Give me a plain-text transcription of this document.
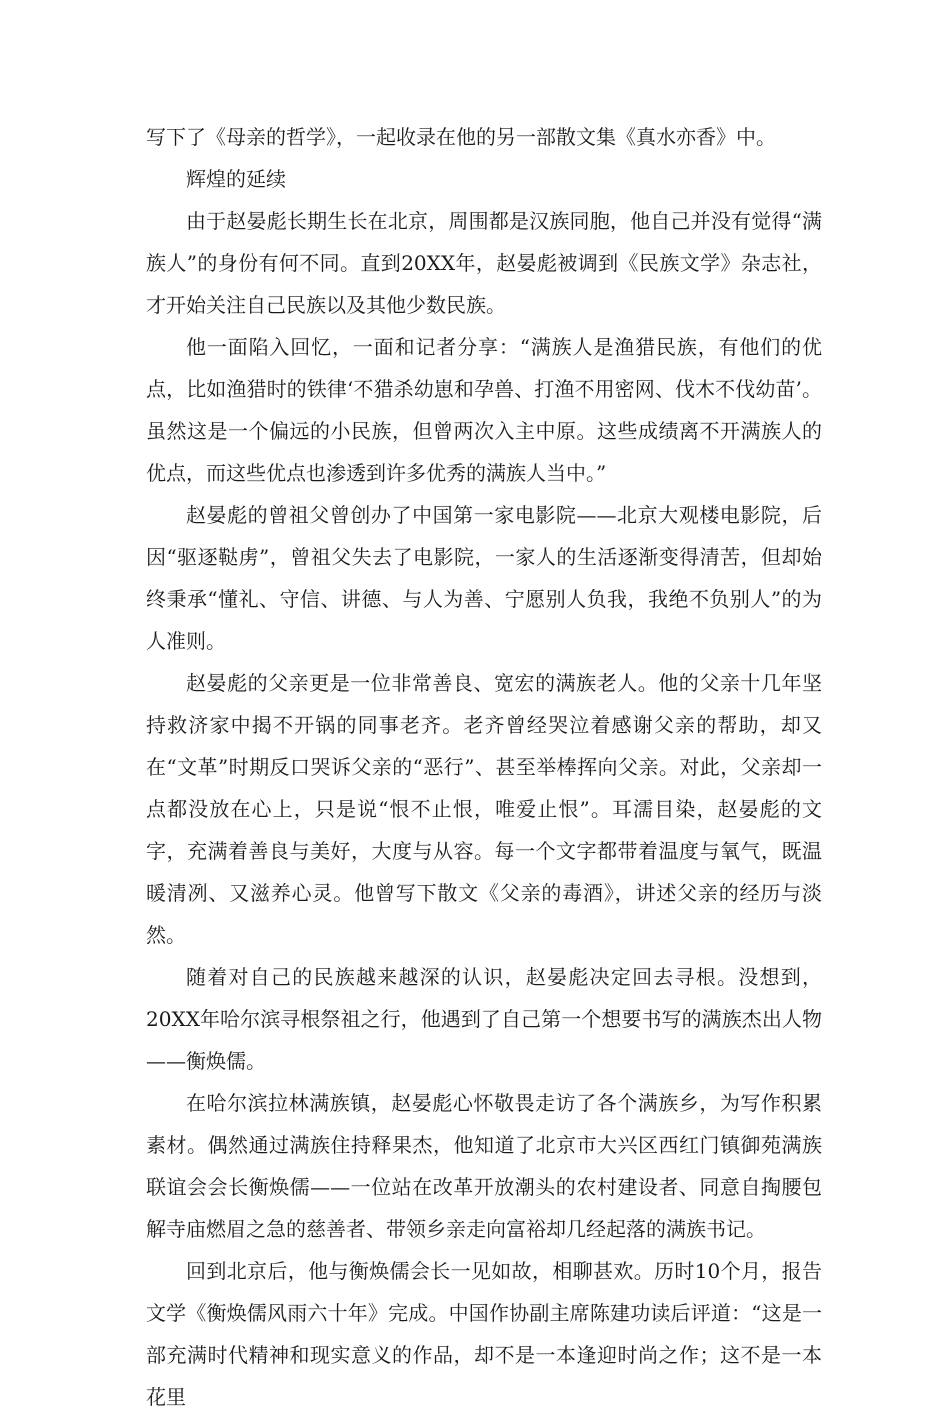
写下了《母亲的哲学》，一起收录在他的另一部散文集《真水亦香》中。

辉煌的延续

由于赵晏彪长期生长在北京，周围都是汉族同胞，他自己并没有觉得“满族人”的身份有何不同。直到20XX年，赵晏彪被调到《民族文学》杂志社，才开始关注自己民族以及其他少数民族。

他一面陷入回忆，一面和记者分享：“满族人是渔猎民族，有他们的优点，比如渔猎时的铁律‘不猎杀幼崽和孕兽、打渔不用密网、伐木不伐幼苗’。虽然这是一个偏远的小民族，但曾两次入主中原。这些成绩离不开满族人的优点，而这些优点也渗透到许多优秀的满族人当中。”

赵晏彪的曾祖父曾创办了中国第一家电影院——北京大观楼电影院，后因“驱逐鞑虏”，曾祖父失去了电影院，一家人的生活逐渐变得清苦，但却始终秉承“懂礼、守信、讲德、与人为善、宁愿别人负我，我绝不负别人”的为人准则。

赵晏彪的父亲更是一位非常善良、宽宏的满族老人。他的父亲十几年坚持救济家中揭不开锅的同事老齐。老齐曾经哭泣着感谢父亲的帮助，却又在“文革”时期反口哭诉父亲的“恶行”、甚至举棒挥向父亲。对此，父亲却一点都没放在心上，只是说“恨不止恨，唯爱止恨”。耳濡目染，赵晏彪的文字，充满着善良与美好，大度与从容。每一个文字都带着温度与氧气，既温暖清冽、又滋养心灵。他曾写下散文《父亲的毒酒》，讲述父亲的经历与淡然。

随着对自己的民族越来越深的认识，赵晏彪决定回去寻根。没想到，20XX年哈尔滨寻根祭祖之行，他遇到了自己第一个想要书写的满族杰出人物——衡焕儒。

在哈尔滨拉林满族镇，赵晏彪心怀敬畏走访了各个满族乡，为写作积累素材。偶然通过满族住持释果杰，他知道了北京市大兴区西红门镇御苑满族联谊会会长衡焕儒——一位站在改革开放潮头的农村建设者、同意自掏腰包解寺庙燃眉之急的慈善者、带领乡亲走向富裕却几经起落的满族书记。

回到北京后，他与衡焕儒会长一见如故，相聊甚欢。历时10个月，报告文学《衡焕儒风雨六十年》完成。中国作协副主席陈建功读后评道：“这是一部充满时代精神和现实意义的作品，却不是一本逢迎时尚之作；这不是一本花里
